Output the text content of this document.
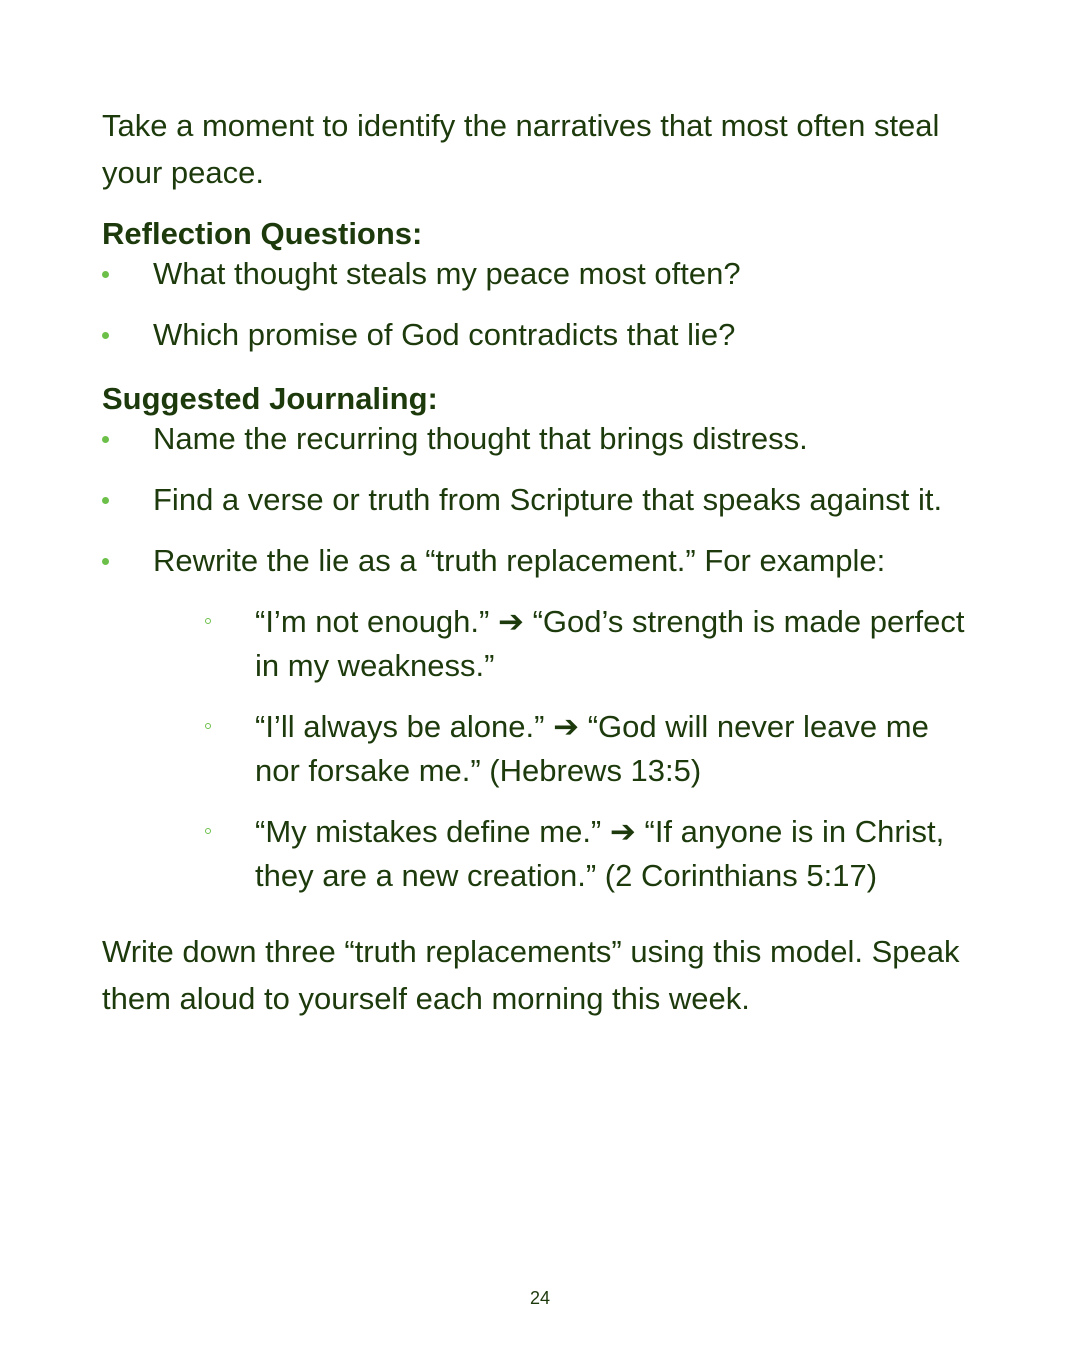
Take a moment to identify the narratives that most often steal your peace.

Reflection Questions:
What thought steals my peace most often?
Which promise of God contradicts that lie?
Suggested Journaling:
Name the recurring thought that brings distress.
Find a verse or truth from Scripture that speaks against it.
Rewrite the lie as a “truth replacement.” For example:
“I’m not enough.” ➔ “God’s strength is made perfect in my weakness.”
“I’ll always be alone.” ➔ “God will never leave me nor forsake me.” (Hebrews 13:5)
“My mistakes define me.” ➔ “If anyone is in Christ, they are a new creation.” (2 Corinthians 5:17)

Write down three “truth replacements” using this model. Speak them aloud to yourself each morning this week.

24
